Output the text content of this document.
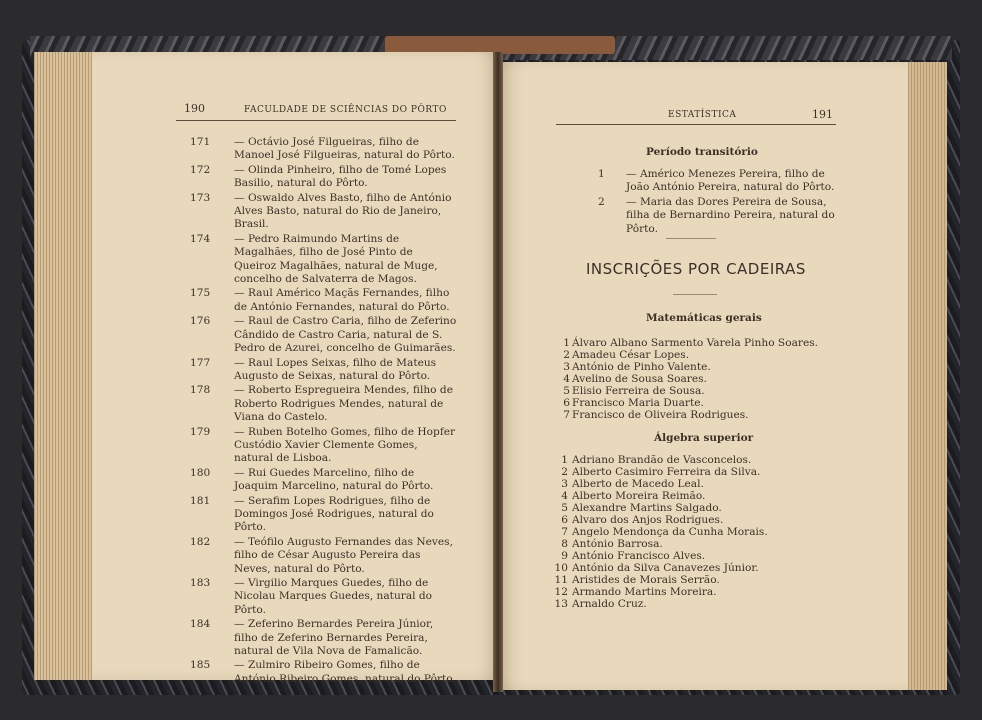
190	FACULDADE DE SCIÊNCIAS DO PÔRTO
171 — Octávio José Filgueiras, filho de Manoel José Filgueiras, natural do Pôrto.
172 — Olinda Pinheiro, filho de Tomé Lopes Basilio, natural do Pôrto.
173 — Oswaldo Alves Basto, filho de António Alves Basto, natural do Rio de Janeiro, Brasil.
174 — Pedro Raimundo Martins de Magalhães, filho de José Pinto de Queiroz Magalhães, natural de Muge, concelho de Salvaterra de Magos.
175 — Raul Américo Maçãs Fernandes, filho de António Fernandes, natural do Pôrto.
176 — Raul de Castro Caria, filho de Zeferino Cândido de Castro Caria, natural de S. Pedro de Azurei, concelho de Guimarães.
177 — Raul Lopes Seixas, filho de Mateus Augusto de Seixas, natural do Pôrto.
178 — Roberto Espregueira Mendes, filho de Roberto Rodrigues Mendes, natural de Viana do Castelo.
179 — Ruben Botelho Gomes, filho de Hopfer Custódio Xavier Clemente Gomes, natural de Lisboa.
180 — Rui Guedes Marcelino, filho de Joaquim Marcelino, natural do Pôrto.
181 — Serafim Lopes Rodrigues, filho de Domingos José Rodrigues, natural do Pôrto.
182 — Teófilo Augusto Fernandes das Neves, filho de César Augusto Pereira das Neves, natural do Pôrto.
183 — Virgilio Marques Guedes, filho de Nicolau Marques Guedes, natural do Pôrto.
184 — Zeferino Bernardes Pereira Júnior, filho de Zeferino Bernardes Pereira, natural de Vila Nova de Famalicão.
185 — Zulmiro Ribeiro Gomes, filho de António Ribeiro Gomes, natural do Pôrto.
ESTATÍSTICA	191
Período transitório
1 — Américo Menezes Pereira, filho de João António Pereira, natural do Pôrto.
2 — Maria das Dores Pereira de Sousa, filha de Bernardino Pereira, natural do Pôrto.
INSCRIÇÕES POR CADEIRAS
Matemáticas gerais
1 Álvaro Albano Sarmento Varela Pinho Soares.
2 Amadeu César Lopes.
3 António de Pinho Valente.
4 Avelino de Sousa Soares.
5 Elisio Ferreira de Sousa.
6 Francisco Maria Duarte.
7 Francisco de Oliveira Rodrigues.
Álgebra superior
1 Adriano Brandão de Vasconcelos.
2 Alberto Casimiro Ferreira da Silva.
3 Alberto de Macedo Leal.
4 Alberto Moreira Reimão.
5 Alexandre Martins Salgado.
6 Alvaro dos Anjos Rodrigues.
7 Angelo Mendonça da Cunha Morais.
8 António Barrosa.
9 António Francisco Alves.
10 António da Silva Canavezes Júnior.
11 Aristides de Morais Serrão.
12 Armando Martins Moreira.
13 Arnaldo Cruz.
